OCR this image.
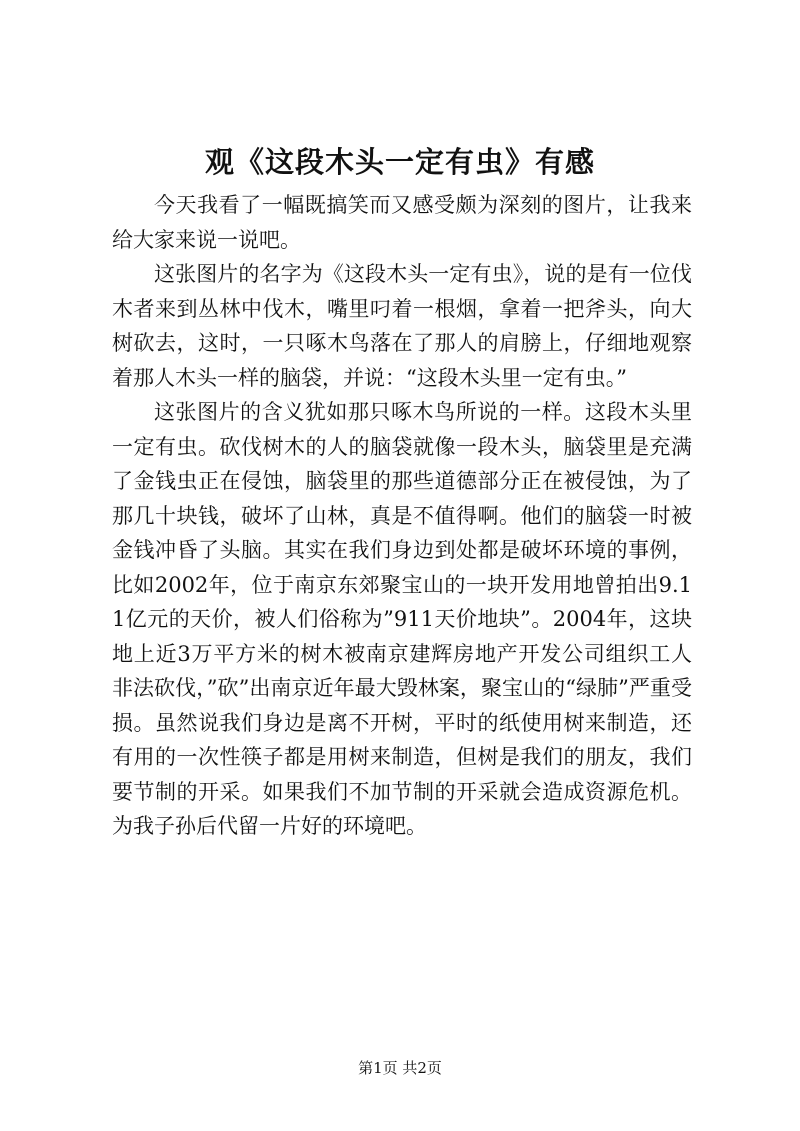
观《这段木头一定有虫》有感

今天我看了一幅既搞笑而又感受颇为深刻的图片，让我来给大家来说一说吧。

这张图片的名字为《这段木头一定有虫》，说的是有一位伐木者来到丛林中伐木，嘴里叼着一根烟，拿着一把斧头，向大树砍去，这时，一只啄木鸟落在了那人的肩膀上，仔细地观察着那人木头一样的脑袋，并说：“这段木头里一定有虫。”

这张图片的含义犹如那只啄木鸟所说的一样。这段木头里一定有虫。砍伐树木的人的脑袋就像一段木头，脑袋里是充满了金钱虫正在侵蚀，脑袋里的那些道德部分正在被侵蚀，为了那几十块钱，破坏了山林，真是不值得啊。他们的脑袋一时被金钱冲昏了头脑。其实在我们身边到处都是破坏环境的事例，比如2002年，位于南京东郊聚宝山的一块开发用地曾拍出9.11亿元的天价，被人们俗称为”911天价地块”。2004年，这块地上近3万平方米的树木被南京建辉房地产开发公司组织工人非法砍伐，”砍”出南京近年最大毁林案，聚宝山的“绿肺”严重受损。虽然说我们身边是离不开树，平时的纸使用树来制造，还有用的一次性筷子都是用树来制造，但树是我们的朋友，我们要节制的开采。如果我们不加节制的开采就会造成资源危机。为我子孙后代留一片好的环境吧。

第1页 共2页
